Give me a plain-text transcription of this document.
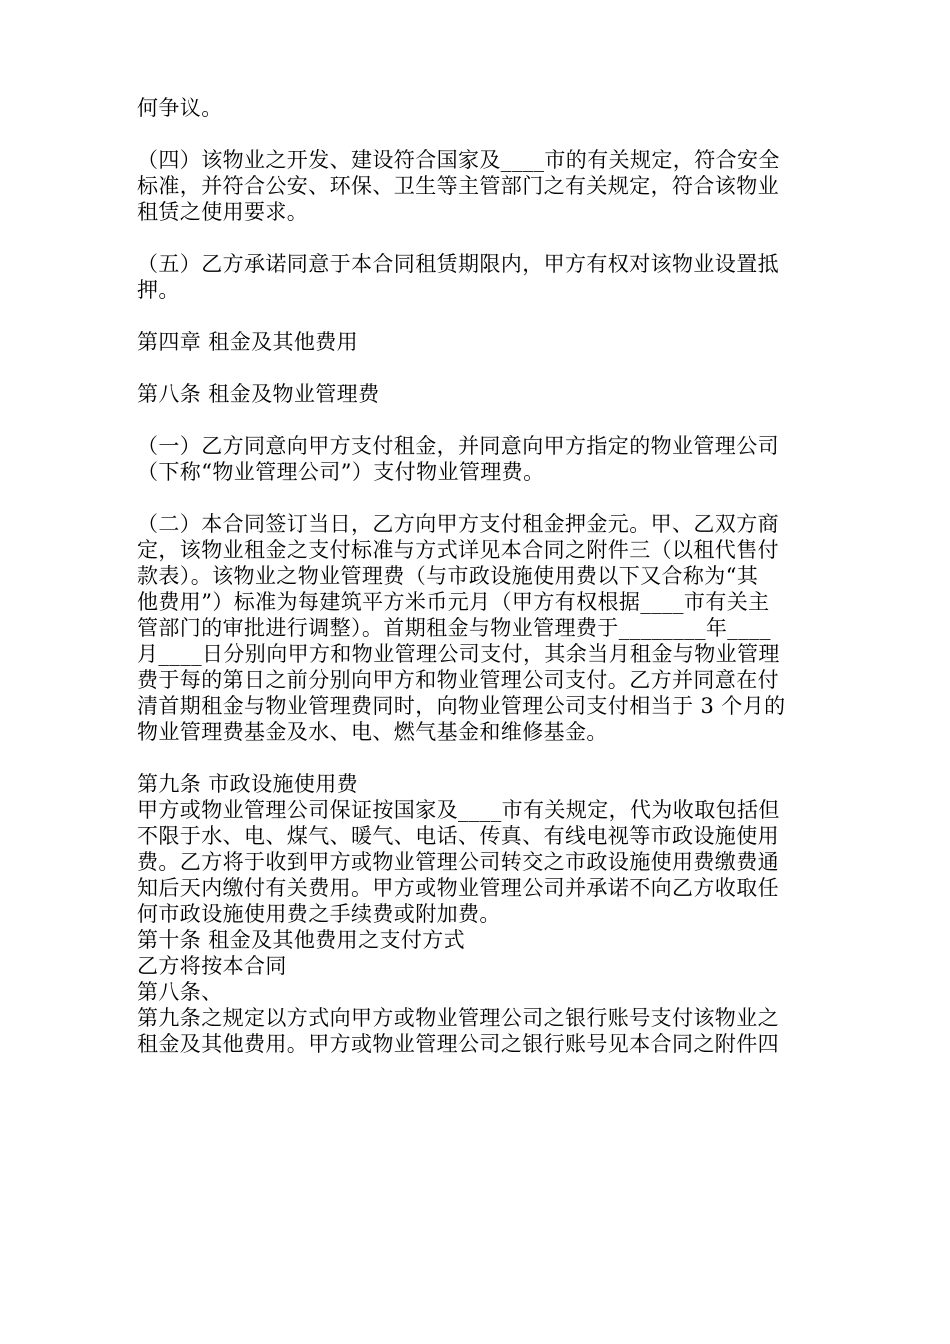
何争议。

（四）该物业之开发、建设符合国家及____市的有关规定，符合安全
标准，并符合公安、环保、卫生等主管部门之有关规定，符合该物业
租赁之使用要求。

（五）乙方承诺同意于本合同租赁期限内，甲方有权对该物业设置抵
押。

第四章 租金及其他费用

第八条 租金及物业管理费

（一）乙方同意向甲方支付租金，并同意向甲方指定的物业管理公司
（下称“物业管理公司”）支付物业管理费。

（二）本合同签订当日，乙方向甲方支付租金押金元。甲、乙双方商
定，该物业租金之支付标准与方式详见本合同之附件三（以租代售付
款表）。该物业之物业管理费（与市政设施使用费以下又合称为“其
他费用”）标准为每建筑平方米币元月（甲方有权根据____市有关主
管部门的审批进行调整）。首期租金与物业管理费于________年____
月____日分别向甲方和物业管理公司支付，其余当月租金与物业管理
费于每的第日之前分别向甲方和物业管理公司支付。乙方并同意在付
清首期租金与物业管理费同时，向物业管理公司支付相当于 3 个月的
物业管理费基金及水、电、燃气基金和维修基金。

第九条 市政设施使用费
甲方或物业管理公司保证按国家及____市有关规定，代为收取包括但
不限于水、电、煤气、暖气、电话、传真、有线电视等市政设施使用
费。乙方将于收到甲方或物业管理公司转交之市政设施使用费缴费通
知后天内缴付有关费用。甲方或物业管理公司并承诺不向乙方收取任
何市政设施使用费之手续费或附加费。
第十条 租金及其他费用之支付方式
乙方将按本合同
第八条、
第九条之规定以方式向甲方或物业管理公司之银行账号支付该物业之
租金及其他费用。甲方或物业管理公司之银行账号见本合同之附件四
